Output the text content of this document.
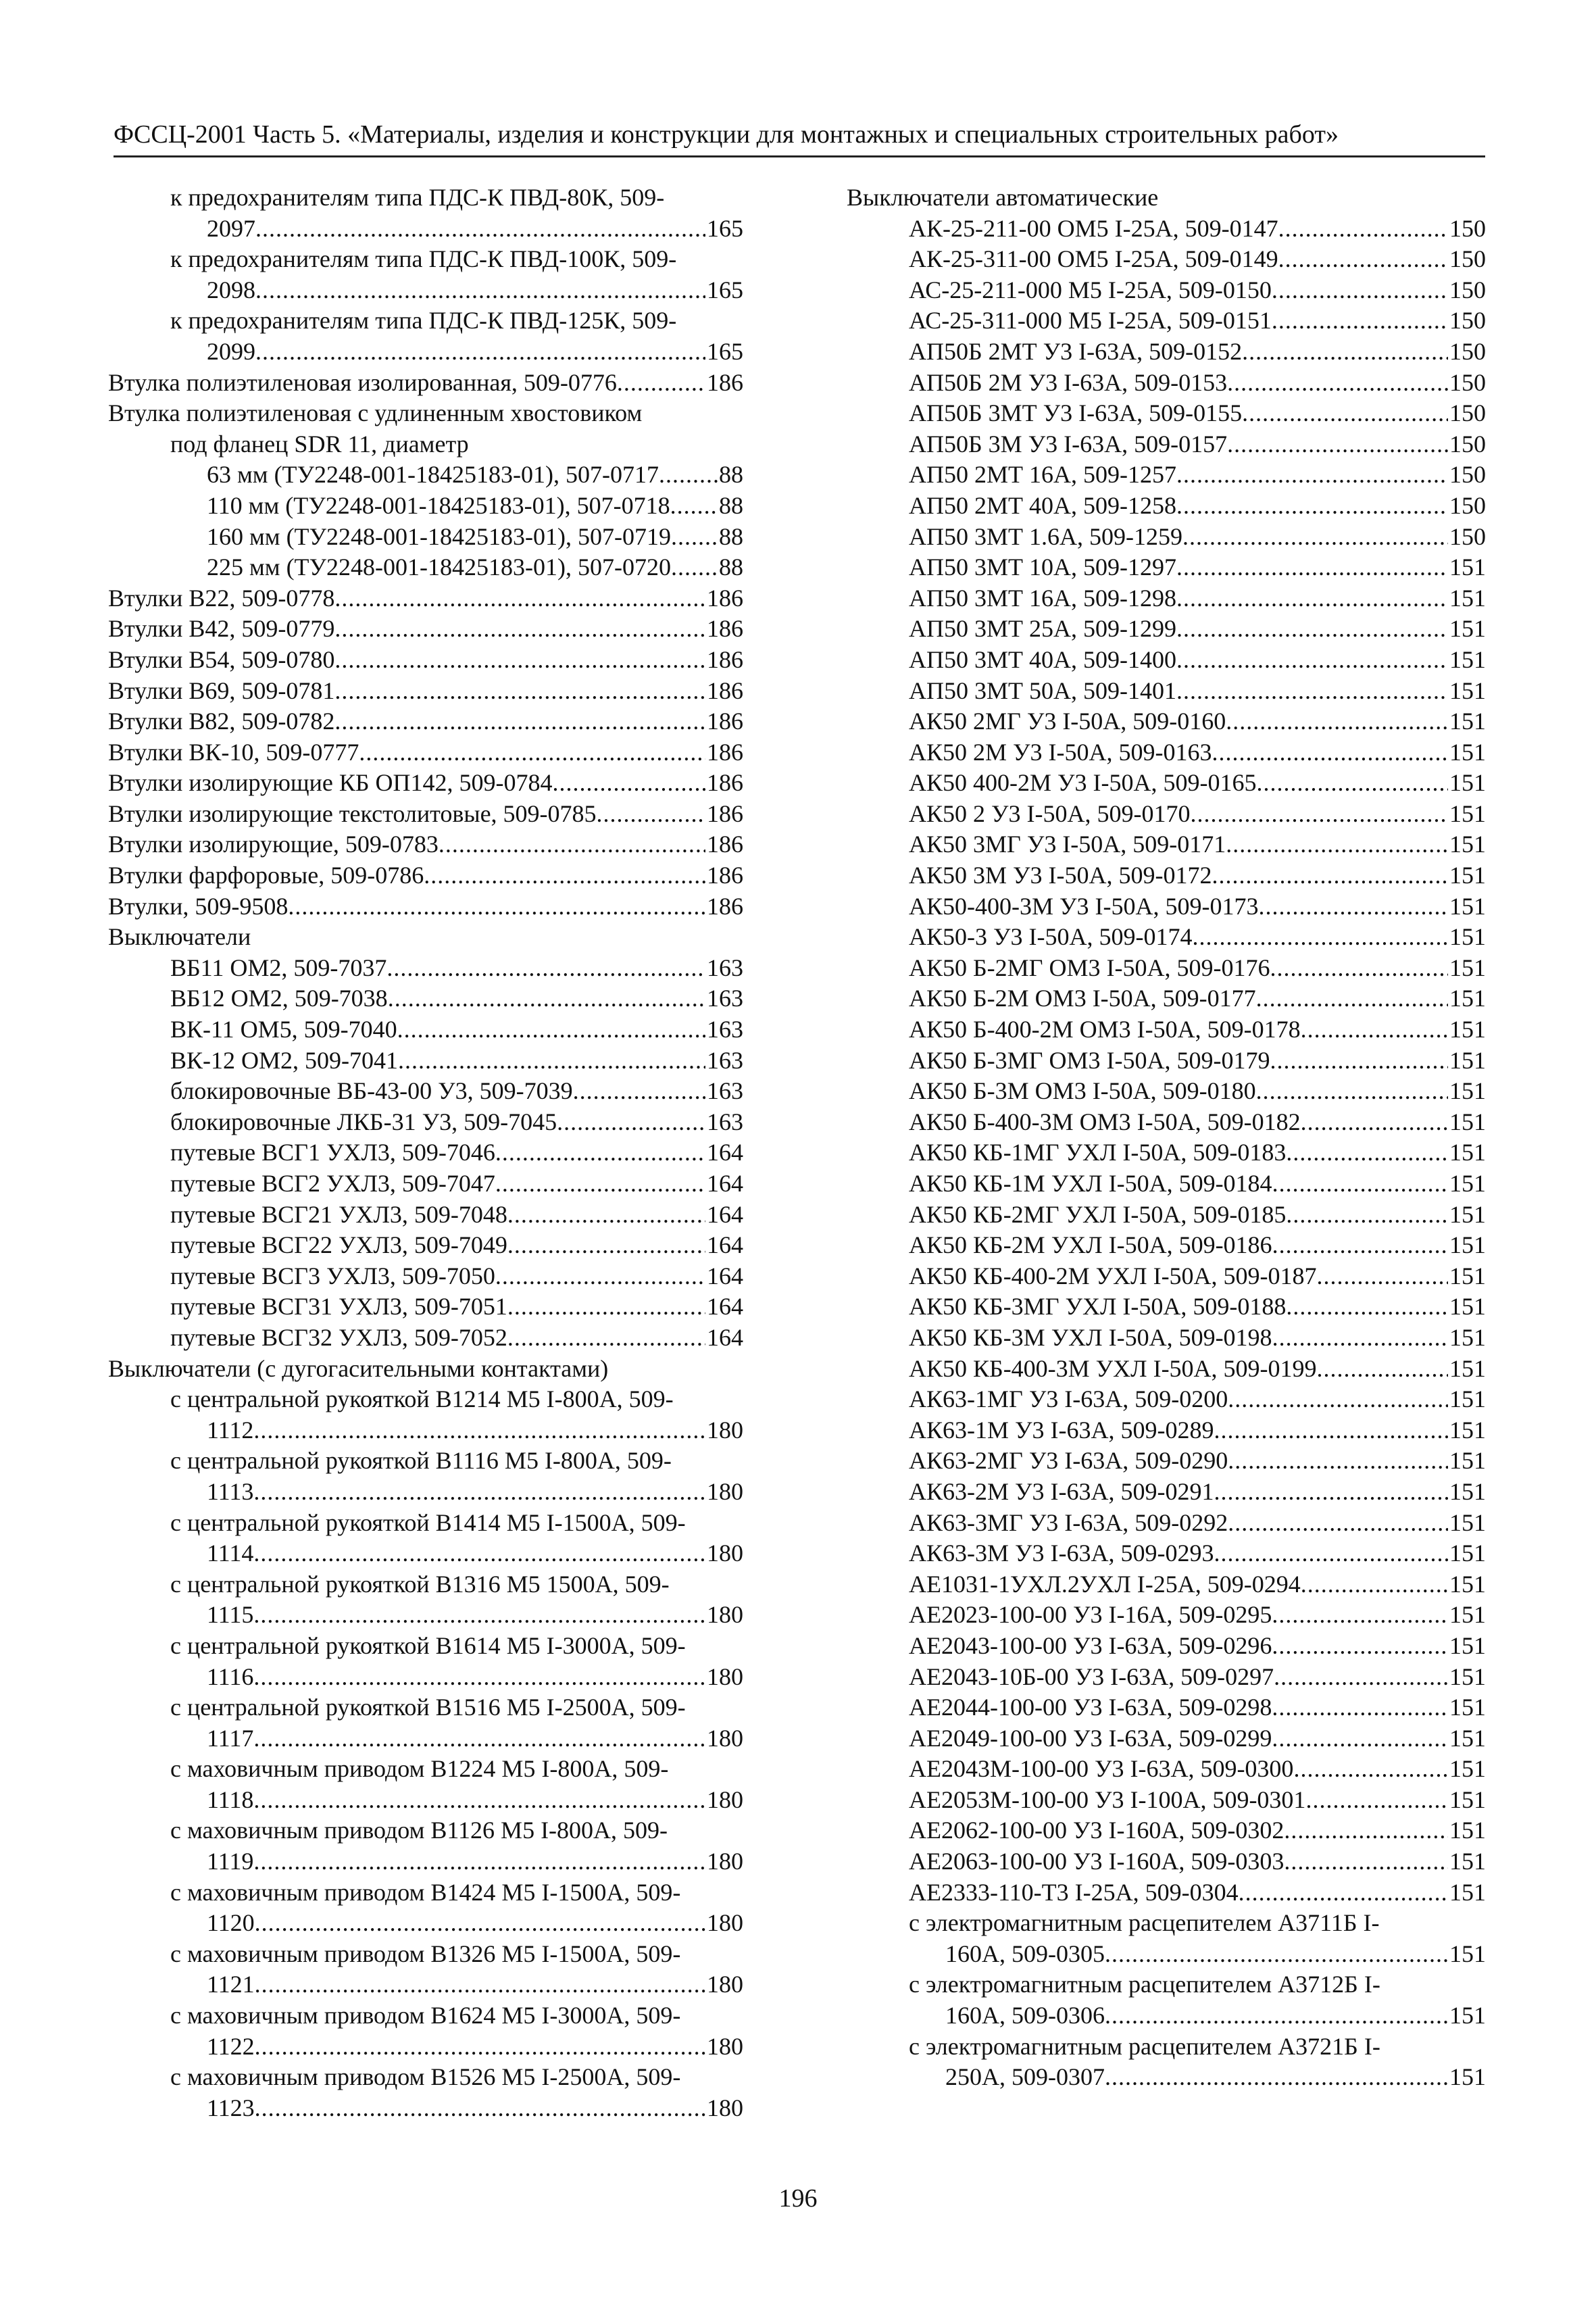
ФССЦ-2001 Часть 5. «Материалы, изделия и конструкции для монтажных и специальных строительных работ»
к предохранителям типа ПДС-К ПВД-80К, 509-
2097 .....	165
к предохранителям типа ПДС-К ПВД-100К, 509-
2098 .....	165
к предохранителям типа ПДС-К ПВД-125К, 509-
2099 .....	165
Втулка полиэтиленовая изолированная, 509-0776 .....	186
Втулка полиэтиленовая с удлиненным хвостовиком
под фланец SDR 11, диаметр
63 мм (ТУ2248-001-18425183-01), 507-0717 ..... 88
110 мм (ТУ2248-001-18425183-01), 507-0718 ..... 88
160 мм (ТУ2248-001-18425183-01), 507-0719 ..... 88
225 мм (ТУ2248-001-18425183-01), 507-0720 ..... 88
Втулки В22, 509-0778 .....	186
Втулки В42, 509-0779 .....	186
Втулки В54, 509-0780 .....	186
Втулки В69, 509-0781 .....	186
Втулки В82, 509-0782 .....	186
Втулки ВК-10, 509-0777 .....	186
Втулки изолирующие КБ ОП142, 509-0784 .....	186
Втулки изолирующие текстолитовые, 509-0785 .....	186
Втулки изолирующие, 509-0783 .....	186
Втулки фарфоровые, 509-0786 .....	186
Втулки, 509-9508 .....	186
Выключатели
ВБ11 ОМ2, 509-7037 .....	163
ВБ12 ОМ2, 509-7038 .....	163
ВК-11 ОМ5, 509-7040 .....	163
ВК-12 ОМ2, 509-7041 .....	163
блокировочные ВБ-43-00 У3, 509-7039 .....	163
блокировочные ЛКБ-31 У3, 509-7045 .....	163
путевые ВСГ1 УХЛ3, 509-7046 .....	164
путевые ВСГ2 УХЛ3, 509-7047 .....	164
путевые ВСГ21 УХЛ3, 509-7048 .....	164
путевые ВСГ22 УХЛ3, 509-7049 .....	164
путевые ВСГ3 УХЛ3, 509-7050 .....	164
путевые ВСГ31 УХЛ3, 509-7051 .....	164
путевые ВСГ32 УХЛ3, 509-7052 .....	164
Выключатели (с дугогасительными контактами)
с центральной рукояткой В1214 М5 I-800А, 509-
1112 .....	180
с центральной рукояткой В1116 М5 I-800А, 509-
1113 .....	180
с центральной рукояткой В1414 М5 I-1500А, 509-
1114 .....	180
с центральной рукояткой В1316 М5 1500А, 509-
1115 .....	180
с центральной рукояткой В1614 М5 I-3000А, 509-
1116 .....	180
с центральной рукояткой В1516 М5 I-2500А, 509-
1117 .....	180
с маховичным приводом В1224 М5 I-800А, 509-
1118 .....	180
с маховичным приводом В1126 М5 I-800А, 509-
1119 .....	180
с маховичным приводом В1424 М5 I-1500А, 509-
1120 .....	180
с маховичным приводом В1326 М5 I-1500А, 509-
1121 .....	180
с маховичным приводом В1624 М5 I-3000А, 509-
1122 .....	180
с маховичным приводом В1526 М5 I-2500А, 509-
1123 .....	180
Выключатели автоматические
АК-25-211-00 ОМ5 I-25А, 509-0147 .....	150
АК-25-311-00 ОМ5 I-25А, 509-0149 .....	150
АС-25-211-000 М5 I-25А, 509-0150 .....	150
АС-25-311-000 М5 I-25А, 509-0151 .....	150
АП50Б 2МТ У3 I-63А, 509-0152 .....	150
АП50Б 2М У3 I-63А, 509-0153 .....	150
АП50Б 3МТ У3 I-63А, 509-0155 .....	150
АП50Б 3М У3 I-63А, 509-0157 .....	150
АП50 2МТ 16А, 509-1257 .....	150
АП50 2МТ 40А, 509-1258 .....	150
АП50 3МТ 1.6А, 509-1259 .....	150
АП50 3МТ 10А, 509-1297 .....	151
АП50 3МТ 16А, 509-1298 .....	151
АП50 3МТ 25А, 509-1299 .....	151
АП50 3МТ 40А, 509-1400 .....	151
АП50 3МТ 50А, 509-1401 .....	151
АК50 2МГ У3 I-50А, 509-0160 .....	151
АК50 2М У3 I-50А, 509-0163 .....	151
АК50 400-2М У3 I-50А, 509-0165 .....	151
АК50 2 У3 I-50А, 509-0170 .....	151
АК50 3МГ У3 I-50А, 509-0171 .....	151
АК50 3М У3 I-50А, 509-0172 .....	151
АК50-400-3М У3 I-50А, 509-0173 .....	151
АК50-3 У3 I-50А, 509-0174 .....	151
АК50 Б-2МГ ОМ3 I-50А, 509-0176 .....	151
АК50 Б-2М ОМ3 I-50А, 509-0177 .....	151
АК50 Б-400-2М ОМ3 I-50А, 509-0178 .....	151
АК50 Б-3МГ ОМ3 I-50А, 509-0179 .....	151
АК50 Б-3М ОМ3 I-50А, 509-0180 .....	151
АК50 Б-400-3М ОМ3 I-50А, 509-0182 .....	151
АК50 КБ-1МГ УХЛ I-50А, 509-0183 .....	151
АК50 КБ-1М УХЛ I-50А, 509-0184 .....	151
АК50 КБ-2МГ УХЛ I-50А, 509-0185 .....	151
АК50 КБ-2М УХЛ I-50А, 509-0186 .....	151
АК50 КБ-400-2М УХЛ I-50А, 509-0187 .....	151
АК50 КБ-3МГ УХЛ I-50А, 509-0188 .....	151
АК50 КБ-3М УХЛ I-50А, 509-0198 .....	151
АК50 КБ-400-3М УХЛ I-50А, 509-0199 .....	151
АК63-1МГ У3 I-63А, 509-0200 .....	151
АК63-1М У3 I-63А, 509-0289 .....	151
АК63-2МГ У3 I-63А, 509-0290 .....	151
АК63-2М У3 I-63А, 509-0291 .....	151
АК63-3МГ У3 I-63А, 509-0292 .....	151
АК63-3М У3 I-63А, 509-0293 .....	151
АЕ1031-1УХЛ.2УХЛ I-25А, 509-0294 .....	151
АЕ2023-100-00 У3 I-16А, 509-0295 .....	151
АЕ2043-100-00 У3 I-63А, 509-0296 .....	151
АЕ2043-10Б-00 У3 I-63А, 509-0297 .....	151
АЕ2044-100-00 У3 I-63А, 509-0298 .....	151
АЕ2049-100-00 У3 I-63А, 509-0299 .....	151
АЕ2043М-100-00 У3 I-63А, 509-0300 .....	151
АЕ2053М-100-00 У3 I-100А, 509-0301 .....	151
АЕ2062-100-00 У3 I-160А, 509-0302 .....	151
АЕ2063-100-00 У3 I-160А, 509-0303 .....	151
АЕ2333-110-Т3 I-25А, 509-0304 .....	151
с электромагнитным расцепителем А3711Б I-
160А, 509-0305 .....	151
с электромагнитным расцепителем А3712Б I-
160А, 509-0306 .....	151
с электромагнитным расцепителем А3721Б I-
250А, 509-0307 .....	151
196
